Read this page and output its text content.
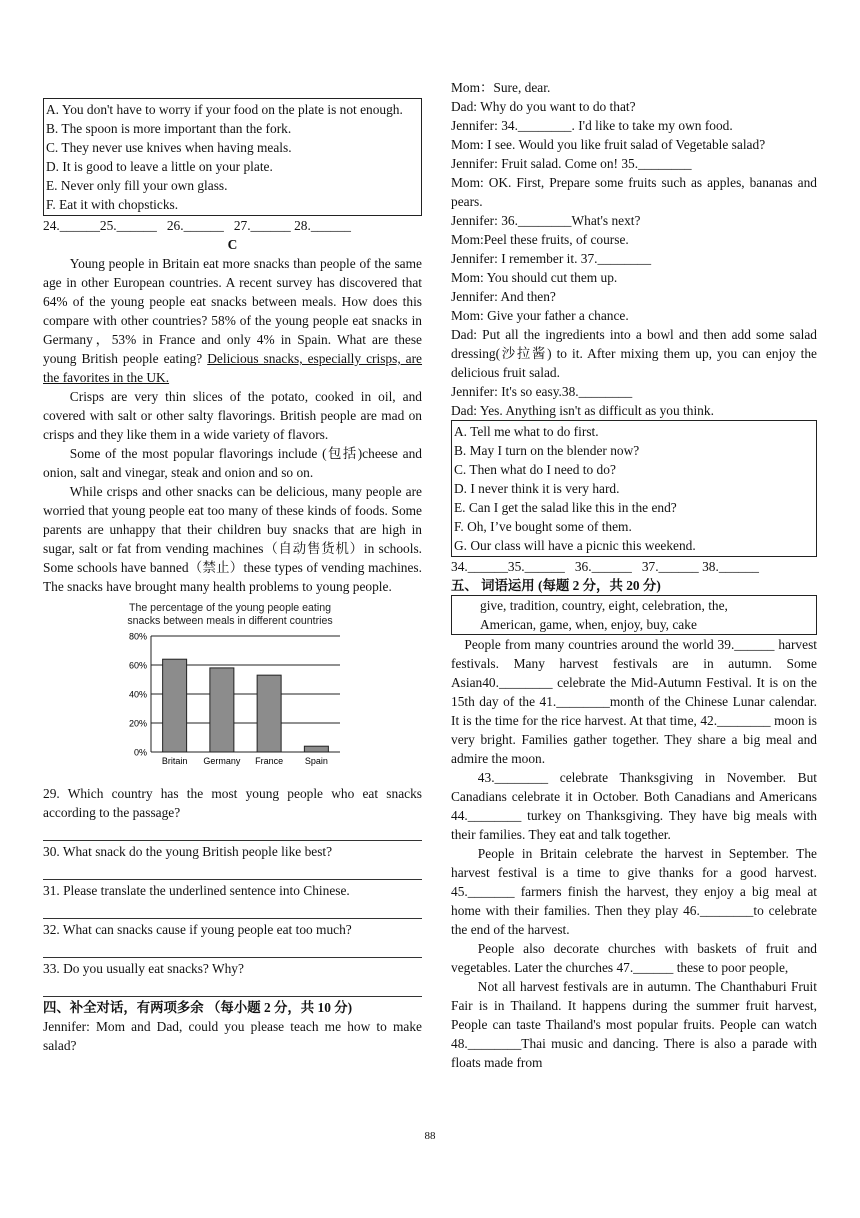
A. You don't have to worry if your food on the plate is not enough.

B. The spoon is more important than the fork.

C. They never use knives when having meals.

D. It is good to leave a little on your plate.

E. Never only fill your own glass.

F. Eat it with chopsticks.

24.______25.______   26.______   27.______ 28.______

C

Young people in Britain eat more snacks than people of the same age in other European countries. A recent survey has discovered that 64% of the young people eat snacks between meals. How does this compare with other countries? 58% of the young people eat snacks in Germany，53% in France and only 4% in Spain. What are these young British people eating? Delicious snacks, especially crisps, are the favorites in the UK.

Crisps are very thin slices of the potato, cooked in oil, and covered with salt or other salty flavorings. British people are mad on crisps and they like them in a wide variety of flavors.

Some of the most popular flavorings include (包括)cheese and onion, salt and vinegar, steak and onion and so on.

While crisps and other snacks can be delicious, many people are worried that young people eat too many of these kinds of foods. Some parents are unhappy that their children buy snacks that are high in sugar, salt or fat from vending machines（自动售货机）in schools. Some schools have banned（禁止）these types of vending machines. The snacks have brought many health problems to young people.

The percentage of the young people eating snacks between meals in different countries
0%
20%
40%
60%
80%
Britain Germany France Spain

29. Which country has the most young people who eat snacks according to the passage?

30. What snack do the young British people like best?

31. Please translate the underlined sentence into Chinese.

32. What can snacks cause if young people eat too much?

33. Do you usually eat snacks? Why?

四、补全对话，有两项多余 （每小题 2 分，共 10 分)

Jennifer: Mom and Dad, could you please teach me how to make salad?

Mom：Sure, dear.

Dad: Why do you want to do that?

Jennifer: 34.________. I'd like to take my own food.

Mom: I see. Would you like fruit salad of Vegetable salad?

Jennifer: Fruit salad. Come on! 35.________

Mom: OK. First, Prepare some fruits such as apples, bananas and pears.

Jennifer: 36.________What's next?

Mom:Peel these fruits, of course.

Jennifer: I remember it. 37.________

Mom: You should cut them up.

Jennifer: And then?

Mom: Give your father a chance.

Dad: Put all the ingredients into a bowl and then add some salad dressing(沙拉酱) to it. After mixing them up, you can enjoy the delicious fruit salad.

Jennifer: It's so easy.38.________

Dad: Yes. Anything isn't as difficult as you think.

A. Tell me what to do first.

B. May I turn on the blender now?

C. Then what do I need to do?

D. I never think it is very hard.

E. Can I get the salad like this in the end?

F. Oh, I’ve bought some of them.

G. Our class will have a picnic this weekend.

34.______35.______   36.______   37.______ 38.______

五、 词语运用 (每题 2 分，共 20 分)

give, tradition, country, eight, celebration, the,

American, game, when, enjoy, buy, cake

People from many countries around the world 39.______ harvest festivals. Many harvest festivals are in autumn. Some Asian40.________ celebrate the Mid-Autumn Festival. It is on the 15th day of the 41.________month of the Chinese Lunar calendar. It is the time for the rice harvest. At that time, 42.________ moon is very bright. Families gather together. They share a big meal and admire the moon.

43.________ celebrate Thanksgiving in November. But Canadians celebrate it in October. Both Canadians and Americans 44.________ turkey on Thanksgiving. They have big meals with their families. They eat and talk together.

People in Britain celebrate the harvest in September. The harvest festival is a time to give thanks for a good harvest. 45._______ farmers finish the harvest, they enjoy a big meal at home with their families. Then they play 46.________to celebrate the end of the harvest.

People also decorate churches with baskets of fruit and vegetables. Later the churches 47.______ these to poor people,

Not all harvest festivals are in autumn. The Chanthaburi Fruit Fair is in Thailand. It happens during the summer fruit harvest, People can taste Thailand's most popular fruits. People can watch 48.________Thai music and dancing. There is also a parade with floats made from

88
